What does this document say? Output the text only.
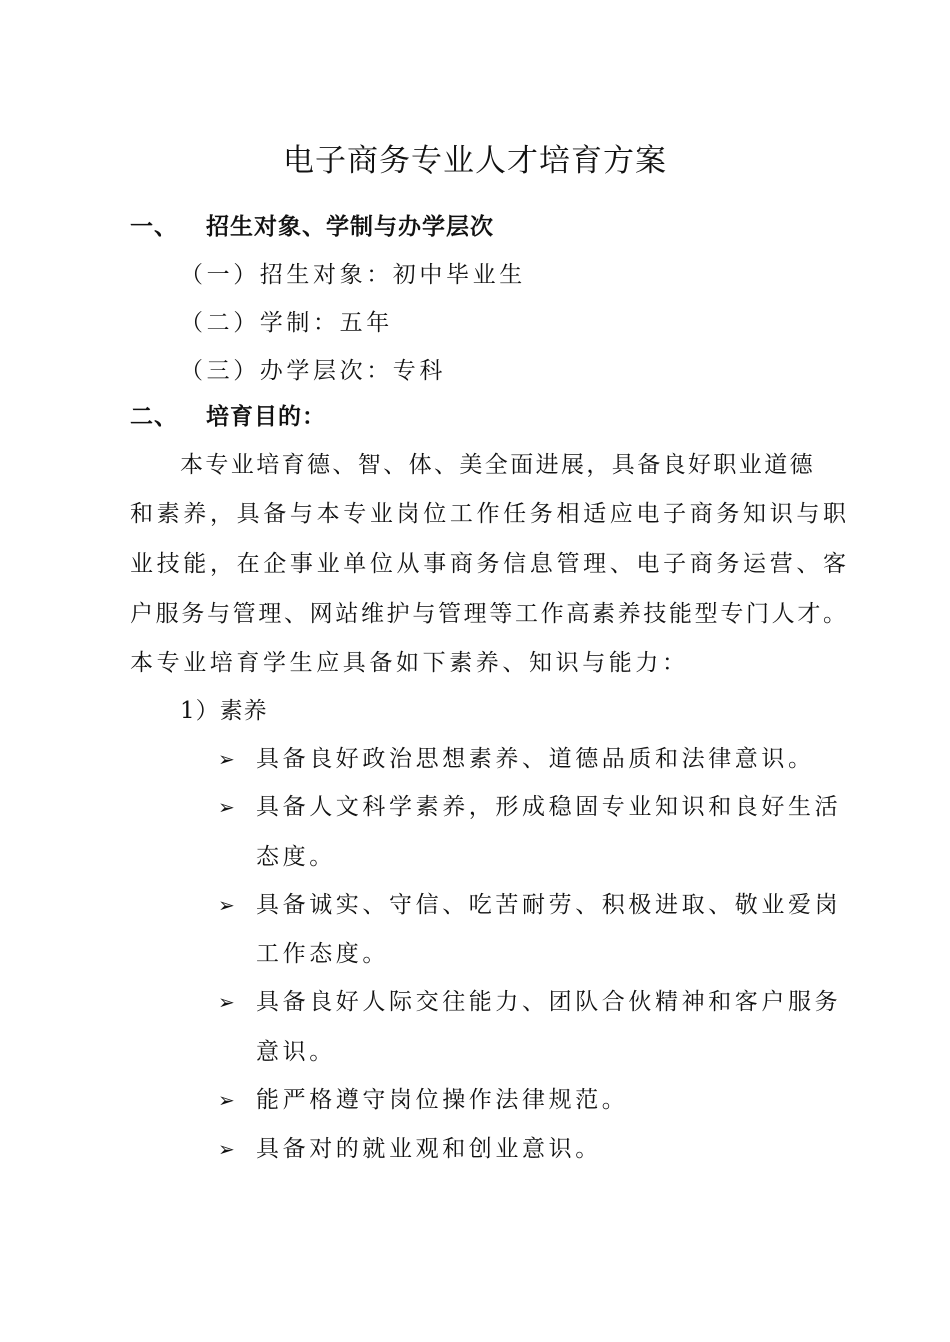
电子商务专业人才培育方案
一、 招生对象、学制与办学层次
（一）招生对象：初中毕业生
（二）学制：五年
（三）办学层次：专科
二、 培育目的：
本专业培育德、智、体、美全面进展，具备良好职业道德
和素养，具备与本专业岗位工作任务相适应电子商务知识与职
业技能，在企事业单位从事商务信息管理、电子商务运营、客
户服务与管理、网站维护与管理等工作高素养技能型专门人才。
本专业培育学生应具备如下素养、知识与能力：
1）素养
➢ 具备良好政治思想素养、道德品质和法律意识。
➢ 具备人文科学素养，形成稳固专业知识和良好生活
态度。
➢ 具备诚实、守信、吃苦耐劳、积极进取、敬业爱岗
工作态度。
➢ 具备良好人际交往能力、团队合伙精神和客户服务
意识。
➢ 能严格遵守岗位操作法律规范。
➢ 具备对的就业观和创业意识。
